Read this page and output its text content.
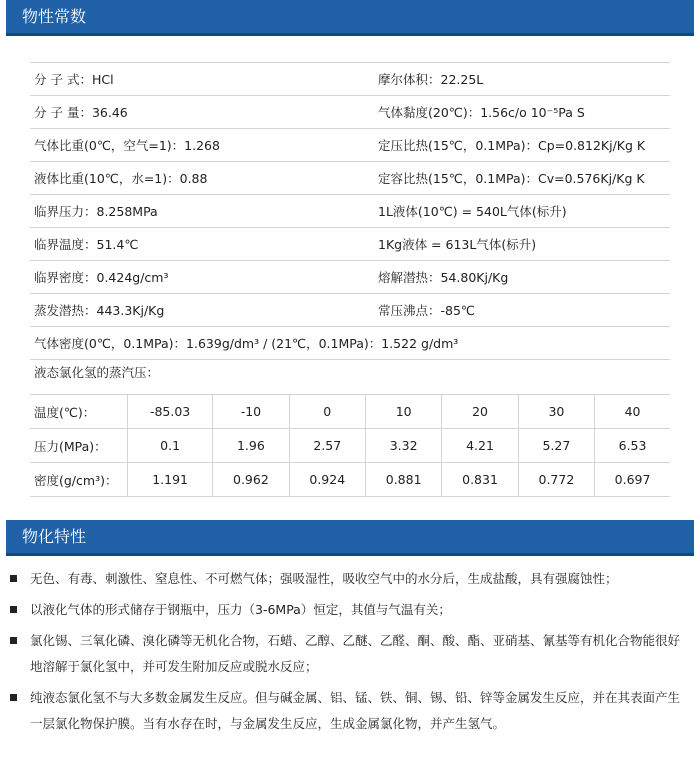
物性常数
分 子 式：HCl	摩尔体积：22.25L
分 子 量：36.46	气体黏度(20℃)：1.56c/o 10⁻⁵Pa S
气体比重(0℃，空气=1)：1.268	定压比热(15℃，0.1MPa)：Cp=0.812Kj/Kg K
液体比重(10℃，水=1)：0.88	定容比热(15℃，0.1MPa)：Cv=0.576Kj/Kg K
临界压力：8.258MPa	1L液体(10℃) = 540L气体(标升)
临界温度：51.4℃	1Kg液体 = 613L气体(标升)
临界密度：0.424g/cm³	熔解潜热：54.80Kj/Kg
蒸发潜热：443.3Kj/Kg	常压沸点：-85℃
气体密度(0℃，0.1MPa)：1.639g/dm³ / (21℃，0.1MPa)：1.522 g/dm³	
液态氯化氢的蒸汽压：
温度(℃)：	-85.03	-10	0	10	20	30	40
压力(MPa)：	0.1	1.96	2.57	3.32	4.21	5.27	6.53
密度(g/cm³)：	1.191	0.962	0.924	0.881	0.831	0.772	0.697
物化特性
无色、有毒、刺激性、窒息性、不可燃气体；强吸湿性，吸收空气中的水分后，生成盐酸，具有强腐蚀性；
以液化气体的形式储存于钢瓶中，压力（3-6MPa）恒定，其值与气温有关；
氯化锡、三氧化磷、溴化磷等无机化合物，石蜡、乙醇、乙醚、乙醛、酮、酸、酯、亚硝基、氰基等有机化合物能很好地溶解于氯化氢中，并可发生附加反应或脱水反应；
纯液态氯化氢不与大多数金属发生反应。但与碱金属、铝、锰、铁、铜、锡、铅、锌等金属发生反应，并在其表面产生一层氯化物保护膜。当有水存在时，与金属发生反应，生成金属氯化物，并产生氢气。
